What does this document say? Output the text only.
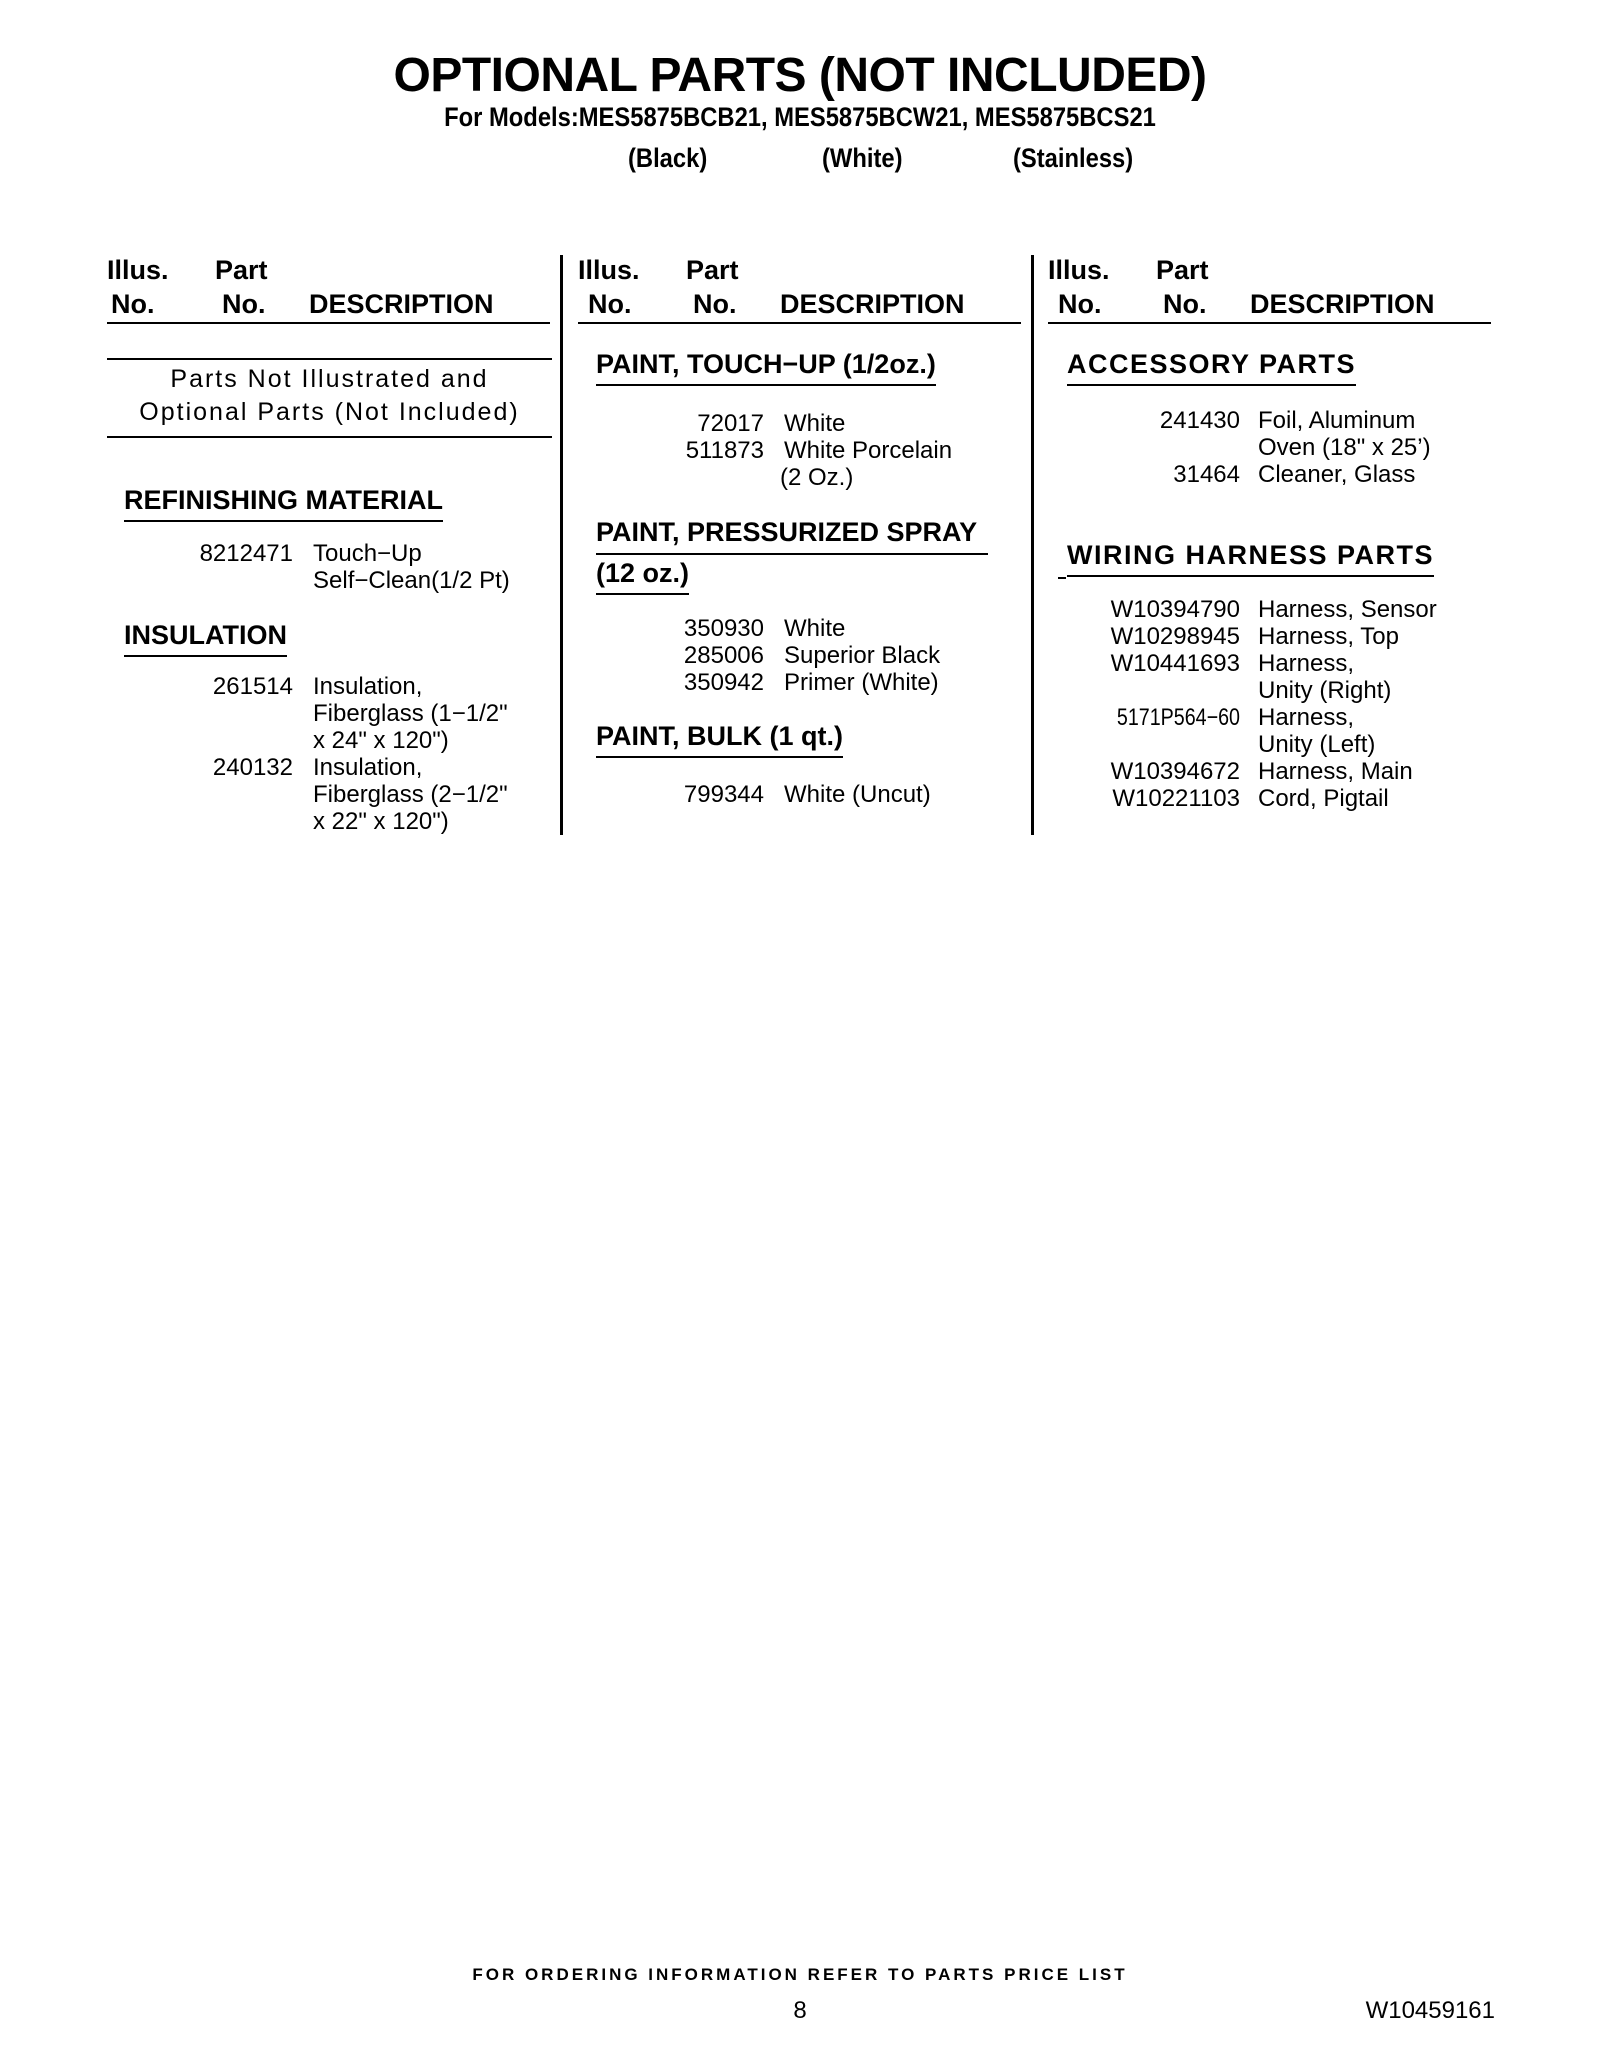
OPTIONAL PARTS (NOT INCLUDED)
For Models:MES5875BCB21, MES5875BCW21, MES5875BCS21
(Black)	(White)	(Stainless)
Illus.
No.
Part
No. DESCRIPTION
Parts Not Illustrated and
Optional Parts (Not Included)
REFINISHING MATERIAL
8212471 Touch−Up
Self−Clean(1/2 Pt)
INSULATION
261514 Insulation,
Fiberglass (1−1/2"
x 24" x 120")
240132 Insulation,
Fiberglass (2−1/2"
x 22" x 120")
Illus.
No.
Part
No. DESCRIPTION
PAINT, TOUCH−UP (1/2oz.)
72017 White
511873 White Porcelain
(2 Oz.)
PAINT, PRESSURIZED SPRAY
(12 oz.)
350930 White
285006 Superior Black
350942 Primer (White)
PAINT, BULK (1 qt.)
799344 White (Uncut)
Illus.
No.
Part
No. DESCRIPTION
ACCESSORY PARTS
241430 Foil, Aluminum
Oven (18" x 25’)
31464 Cleaner, Glass
WIRING HARNESS PARTS
W10394790 Harness, Sensor
W10298945 Harness, Top
W10441693 Harness,
Unity (Right)
5171P564−60 Harness,
Unity (Left)
W10394672 Harness, Main
W10221103 Cord, Pigtail
FOR ORDERING INFORMATION REFER TO PARTS PRICE LIST
8	W10459161
